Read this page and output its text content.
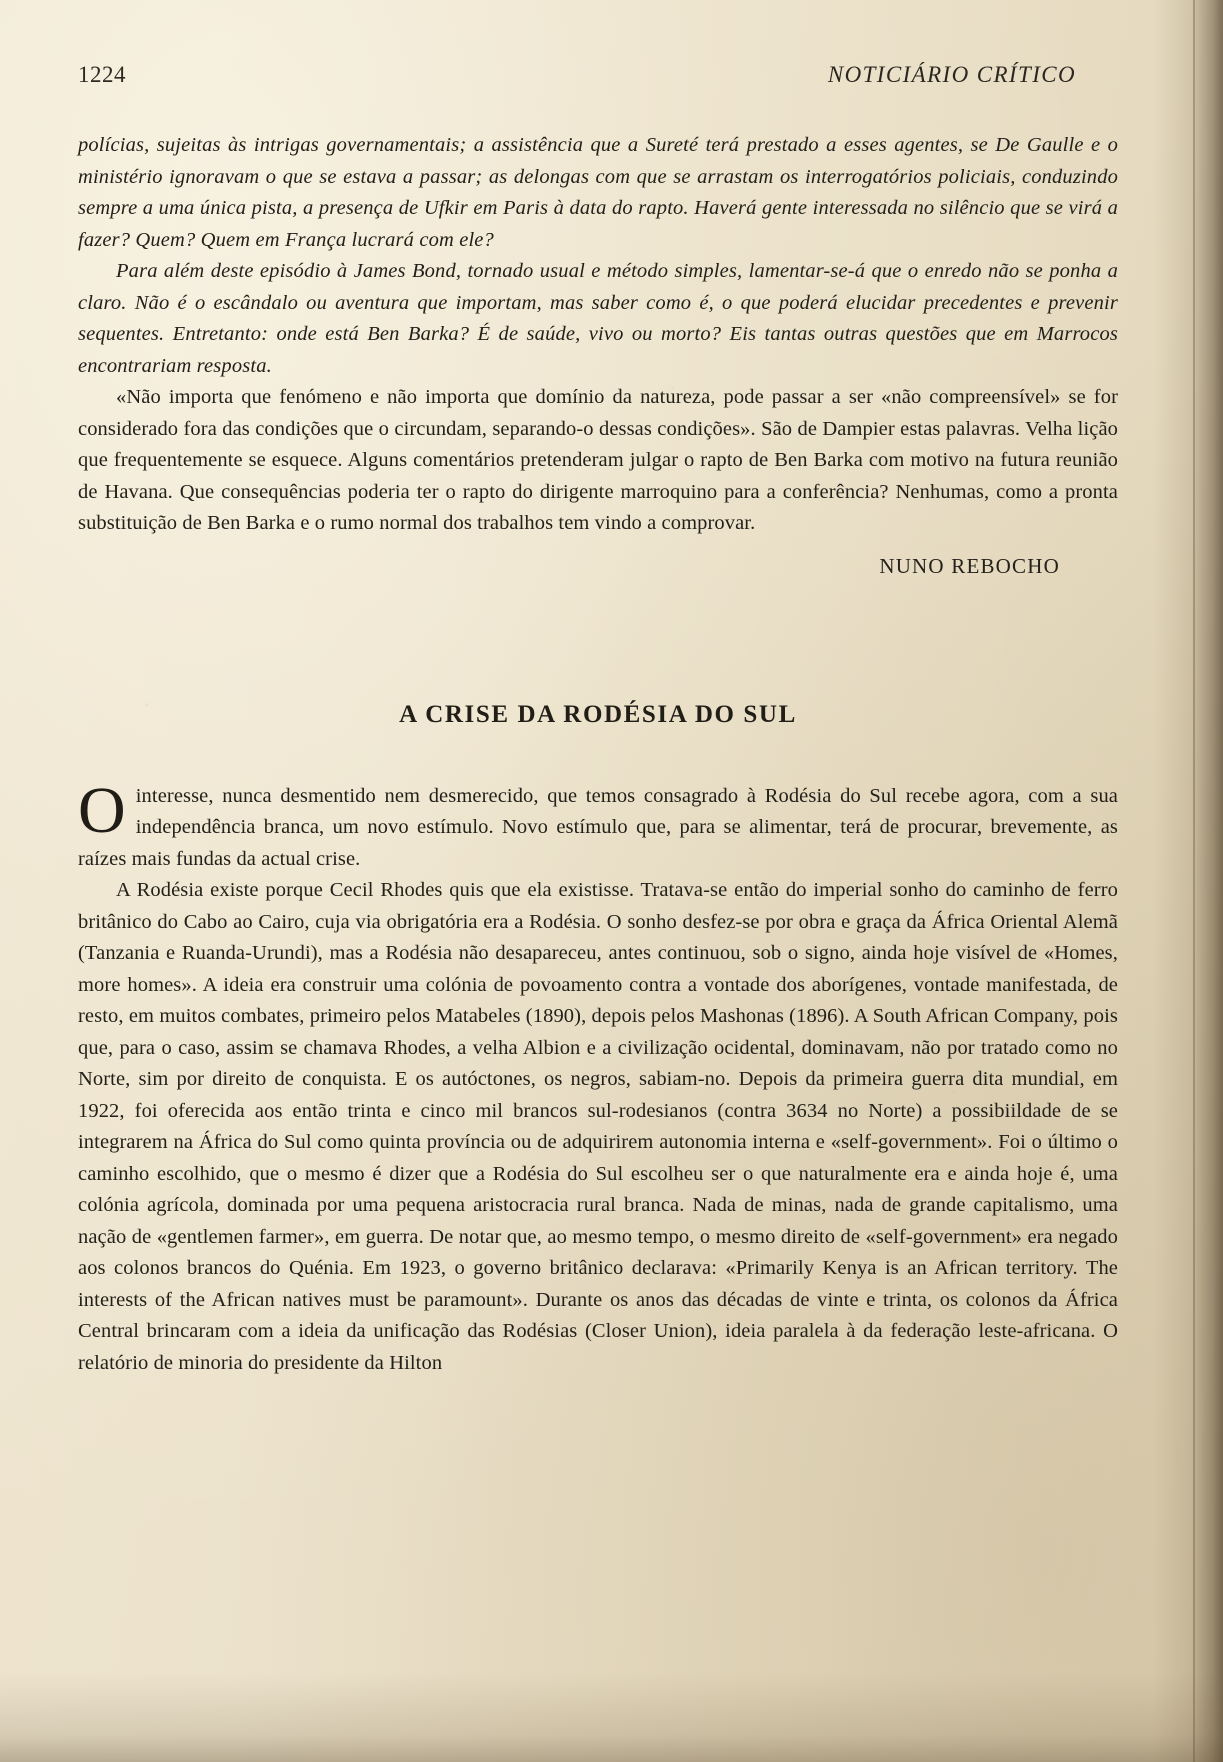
1224	NOTICIÁRIO CRÍTICO

polícias, sujeitas às intrigas governamentais; a assistência que a Sureté terá prestado a esses agentes, se De Gaulle e o ministério ignoravam o que se estava a passar; as delongas com que se arrastam os interrogatórios policiais, conduzindo sempre a uma única pista, a presença de Ufkir em Paris à data do rapto. Haverá gente interessada no silêncio que se virá a fazer? Quem? Quem em França lucrará com ele?

Para além deste episódio à James Bond, tornado usual e método simples, lamentar-se-á que o enredo não se ponha a claro. Não é o escândalo ou aventura que importam, mas saber como é, o que poderá elucidar precedentes e prevenir sequentes. Entretanto: onde está Ben Barka? É de saúde, vivo ou morto? Eis tantas outras questões que em Marrocos encontrariam resposta.

«Não importa que fenómeno e não importa que domínio da natureza, pode passar a ser «não compreensível» se for considerado fora das condições que o circundam, separando-o dessas condições». São de Dampier estas palavras. Velha lição que frequentemente se esquece. Alguns comentários pretenderam julgar o rapto de Ben Barka com motivo na futura reunião de Havana. Que consequências poderia ter o rapto do dirigente marroquino para a conferência? Nenhumas, como a pronta substituição de Ben Barka e o rumo normal dos trabalhos tem vindo a comprovar.

NUNO REBOCHO
A CRISE DA RODÉSIA DO SUL

Ointeresse, nunca desmentido nem desmerecido, que temos consagrado à Rodésia do Sul recebe agora, com a sua independência branca, um novo estímulo. Novo estímulo que, para se alimentar, terá de procurar, brevemente, as raízes mais fundas da actual crise.

A Rodésia existe porque Cecil Rhodes quis que ela existisse. Tratava-se então do imperial sonho do caminho de ferro britânico do Cabo ao Cairo, cuja via obrigatória era a Rodésia. O sonho desfez-se por obra e graça da África Oriental Alemã (Tanzania e Ruanda-Urundi), mas a Rodésia não desapareceu, antes continuou, sob o signo, ainda hoje visível de «Homes, more homes». A ideia era construir uma colónia de povoamento contra a vontade dos aborígenes, vontade manifestada, de resto, em muitos combates, primeiro pelos Matabeles (1890), depois pelos Mashonas (1896). A South African Company, pois que, para o caso, assim se chamava Rhodes, a velha Albion e a civilização ocidental, dominavam, não por tratado como no Norte, sim por direito de conquista. E os autóctones, os negros, sabiam-no. Depois da primeira guerra dita mundial, em 1922, foi oferecida aos então trinta e cinco mil brancos sul-rodesianos (contra 3634 no Norte) a possibiildade de se integrarem na África do Sul como quinta província ou de adquirirem autonomia interna e «self-government». Foi o último o caminho escolhido, que o mesmo é dizer que a Rodésia do Sul escolheu ser o que naturalmente era e ainda hoje é, uma colónia agrícola, dominada por uma pequena aristocracia rural branca. Nada de minas, nada de grande capitalismo, uma nação de «gentlemen farmer», em guerra. De notar que, ao mesmo tempo, o mesmo direito de «self-government» era negado aos colonos brancos do Quénia. Em 1923, o governo britânico declarava: «Primarily Kenya is an African territory. The interests of the African natives must be paramount». Durante os anos das décadas de vinte e trinta, os colonos da África Central brincaram com a ideia da unificação das Rodésias (Closer Union), ideia paralela à da federação leste-africana. O relatório de minoria do presidente da Hilton
